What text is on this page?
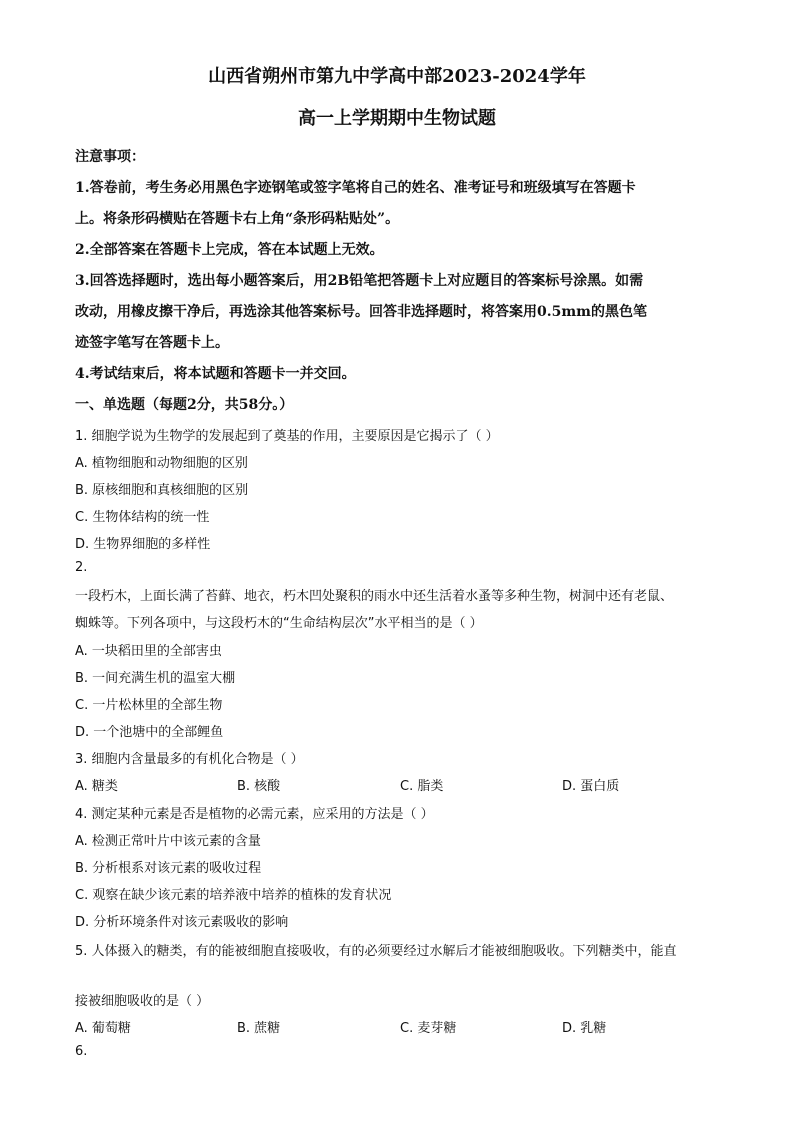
山西省朔州市第九中学高中部2023-2024学年
高一上学期期中生物试题
注意事项：
1.答卷前，考生务必用黑色字迹钢笔或签字笔将自己的姓名、准考证号和班级填写在答题卡
上。将条形码横贴在答题卡右上角“条形码粘贴处”。
2.全部答案在答题卡上完成，答在本试题上无效。
3.回答选择题时，选出每小题答案后，用2B铅笔把答题卡上对应题目的答案标号涂黑。如需
改动，用橡皮擦干净后，再选涂其他答案标号。回答非选择题时，将答案用0.5mm的黑色笔
迹签字笔写在答题卡上。
4.考试结束后，将本试题和答题卡一并交回。
一、单选题（每题2分，共58分。）
1. 细胞学说为生物学的发展起到了奠基的作用，主要原因是它揭示了（ ）
A. 植物细胞和动物细胞的区别
B. 原核细胞和真核细胞的区别
C. 生物体结构的统一性
D. 生物界细胞的多样性
2.
一段朽木，上面长满了苔藓、地衣，朽木凹处聚积的雨水中还生活着水蚤等多种生物，树洞中还有老鼠、
蜘蛛等。下列各项中，与这段朽木的“生命结构层次”水平相当的是（ ）
A. 一块稻田里的全部害虫
B. 一间充满生机的温室大棚
C. 一片松林里的全部生物
D. 一个池塘中的全部鲤鱼
3. 细胞内含量最多的有机化合物是（ ）
A. 糖类	B. 核酸	C. 脂类	D. 蛋白质
4. 测定某种元素是否是植物的必需元素，应采用的方法是（ ）
A. 检测正常叶片中该元素的含量
B. 分析根系对该元素的吸收过程
C. 观察在缺少该元素的培养液中培养的植株的发育状况
D. 分析环境条件对该元素吸收的影响
5. 人体摄入的糖类，有的能被细胞直接吸收，有的必须要经过水解后才能被细胞吸收。下列糖类中，能直
接被细胞吸收的是（ ）
A. 葡萄糖	B. 蔗糖	C. 麦芽糖	D. 乳糖
6.
